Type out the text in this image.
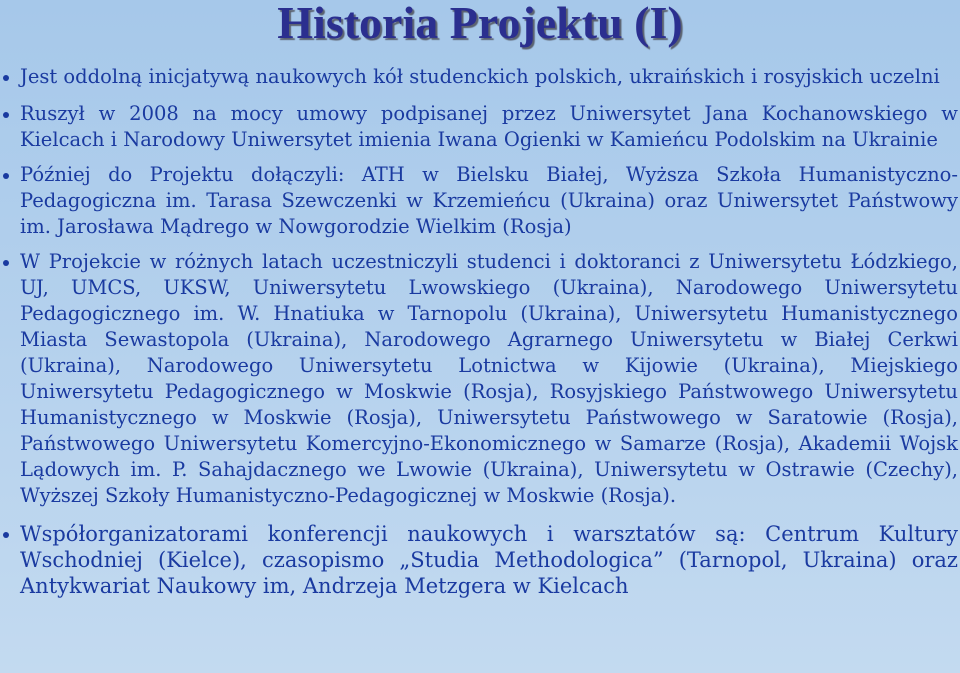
Historia Projektu (I)
Jest oddolną inicjatywą naukowych kół studenckich polskich, ukraińskich i rosyjskich uczelni
Ruszył w 2008 na mocy umowy podpisanej przez Uniwersytet Jana Kochanowskiego w Kielcach i Narodowy Uniwersytet imienia Iwana Ogienki w Kamieńcu Podolskim na Ukrainie
Później do Projektu dołączyli: ATH w Bielsku Białej, Wyższa Szkoła Humanistyczno-Pedagogiczna im. Tarasa Szewczenki w Krzemieńcu (Ukraina) oraz Uniwersytet Państwowy im. Jarosława Mądrego w Nowgorodzie Wielkim (Rosja)
W Projekcie w różnych latach uczestniczyli studenci i doktoranci z Uniwersytetu Łódzkiego, UJ, UMCS, UKSW, Uniwersytetu Lwowskiego (Ukraina), Narodowego Uniwersytetu Pedagogicznego im. W. Hnatiuka w Tarnopolu (Ukraina), Uniwersytetu Humanistycznego Miasta Sewastopola (Ukraina), Narodowego Agrarnego Uniwersytetu w Białej Cerkwi (Ukraina), Narodowego Uniwersytetu Lotnictwa w Kijowie (Ukraina), Miejskiego Uniwersytetu Pedagogicznego w Moskwie (Rosja), Rosyjskiego Państwowego Uniwersytetu Humanistycznego w Moskwie (Rosja), Uniwersytetu Państwowego w Saratowie (Rosja), Państwowego Uniwersytetu Komercyjno-Ekonomicznego w Samarze (Rosja), Akademii Wojsk Lądowych im. P. Sahajdacznego we Lwowie (Ukraina), Uniwersytetu w Ostrawie (Czechy), Wyższej Szkoły Humanistyczno-Pedagogicznej w Moskwie (Rosja).
Współorganizatorami konferencji naukowych i warsztatów są: Centrum Kultury Wschodniej (Kielce), czasopismo „Studia Methodologica” (Tarnopol, Ukraina) oraz Antykwariat Naukowy im, Andrzeja Metzgera w Kielcach
